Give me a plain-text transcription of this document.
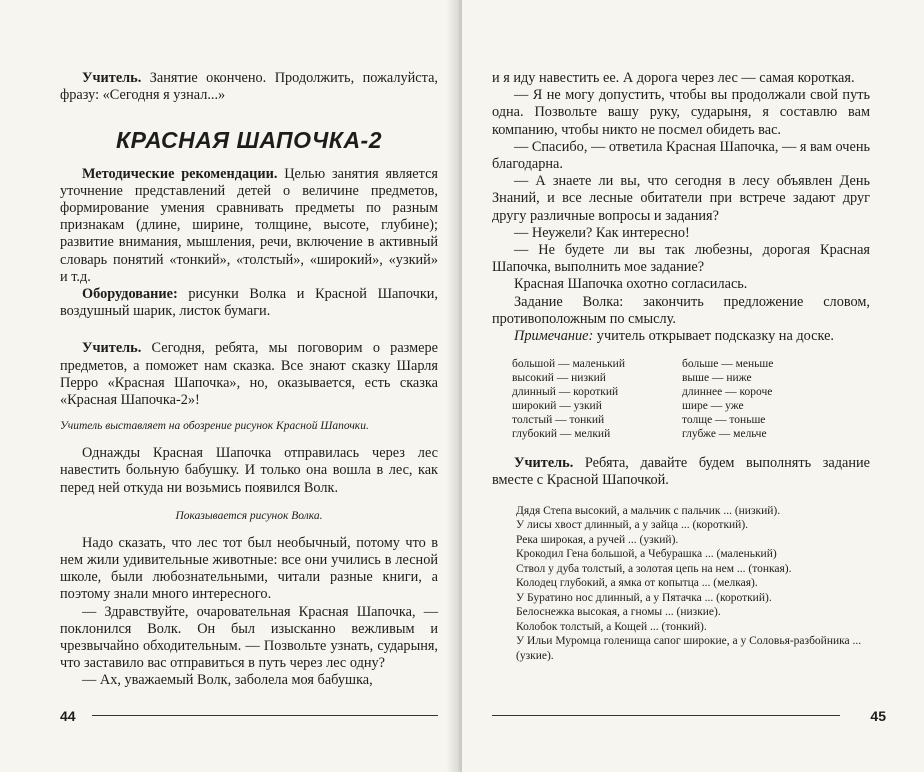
Учитель. Занятие окончено. Продолжить, пожалуйста, фразу: «Сегодня я узнал...»

КРАСНАЯ ШАПОЧКА-2

Методические рекомендации. Целью занятия является уточнение представлений детей о величине предметов, формирование умения сравнивать предметы по разным признакам (длине, ширине, толщине, высоте, глубине); развитие внимания, мышления, речи, включение в активный словарь понятий «тонкий», «толстый», «широкий», «узкий» и т.д.

Оборудование: рисунки Волка и Красной Шапочки, воздушный шарик, листок бумаги.

Учитель. Сегодня, ребята, мы поговорим о размере предметов, а поможет нам сказка. Все знают сказку Шарля Перро «Красная Шапочка», но, оказывается, есть сказка «Красная Шапочка-2»!

Учитель выставляет на обозрение рисунок Красной Шапочки.

Однажды Красная Шапочка отправилась через лес навестить больную бабушку. И только она вошла в лес, как перед ней откуда ни возьмись появился Волк.

Показывается рисунок Волка.

Надо сказать, что лес тот был необычный, потому что в нем жили удивительные животные: все они учились в лесной школе, были любознательными, читали разные книги, а поэтому знали много интересного.

— Здравствуйте, очаровательная Красная Шапочка, — поклонился Волк. Он был изысканно вежливым и чрезвычайно обходительным. — Позвольте узнать, сударыня, что заставило вас отправиться в путь через лес одну?

— Ах, уважаемый Волк, заболела моя бабушка,

44

и я иду навестить ее. А дорога через лес — самая короткая.

— Я не могу допустить, чтобы вы продолжали свой путь одна. Позвольте вашу руку, сударыня, я составлю вам компанию, чтобы никто не посмел обидеть вас.

— Спасибо, — ответила Красная Шапочка, — я вам очень благодарна.

— А знаете ли вы, что сегодня в лесу объявлен День Знаний, и все лесные обитатели при встрече задают друг другу различные вопросы и задания?

— Неужели? Как интересно!

— Не будете ли вы так любезны, дорогая Красная Шапочка, выполнить мое задание?

Красная Шапочка охотно согласилась.

Задание Волка: закончить предложение словом, противоположным по смыслу.

Примечание: учитель открывает подсказку на доске.

большой — маленький	больше — меньше
высокий — низкий	выше — ниже
длинный — короткий	длиннее — короче
широкий — узкий	шире — уже
толстый — тонкий	толще — тоньше
глубокий — мелкий	глубже — мельче

Учитель. Ребята, давайте будем выполнять задание вместе с Красной Шапочкой.

Дядя Степа высокий, а мальчик с пальчик ... (низкий).

У лисы хвост длинный, а у зайца ... (короткий).

Река широкая, а ручей ... (узкий).

Крокодил Гена большой, а Чебурашка ... (маленький)

Ствол у дуба толстый, а золотая цепь на нем ... (тонкая).

Колодец глубокий, а ямка от копытца ... (мелкая).

У Буратино нос длинный, а у Пятачка ... (короткий).

Белоснежка высокая, а гномы ... (низкие).

Колобок толстый, а Кощей ... (тонкий).

У Ильи Муромца голенища сапог широкие, а у Соловья-разбойника ... (узкие).

45
